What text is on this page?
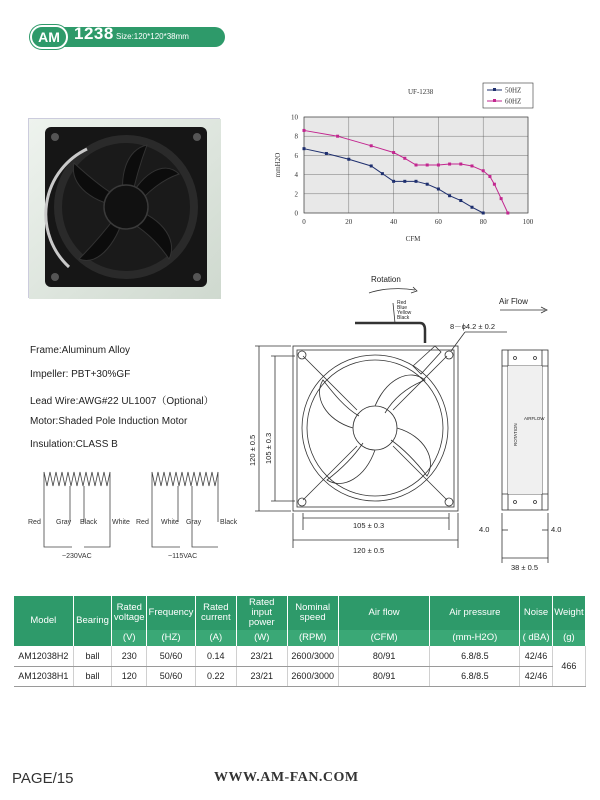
AM 1238 Size:120*120*38mm
UF-1238
0
2
4
6
8
10
0	20	40	60	80	100
mmH2O
CFM
50HZ
60HZ
Frame:Aluminum Alloy
Impeller: PBT+30%GF
Lead Wire:AWG#22 UL1007（Optional）
Motor:Shaded Pole Induction Motor
Insulation:CLASS B
Red Gray Black White
~230VAC
Red White Gray	Black
~115VAC
Rotation
Air Flow
Red
Blue
Yellow
Black
8－ϕ4.2 ± 0.2
120 ± 0.5 105 ± 0.3
105 ± 0.3
120 ± 0.5
4.0	4.0
38 ± 0.5
ROTATION
AIRFLOW
Model	Bearing	Rated voltage	Frequency	Rated current	Rated input power	Nominal speed	Air flow	Air pressure	Noise	Weight
		(V)	(HZ)	(A)	(W)	(RPM)	(CFM)	(mm-H2O)	( dBA)	(g)
AM12038H2	ball	230	50/60	0.14	23/21	2600/3000	80/91	6.8/8.5	42/46	466
AM12038H1	ball	120	50/60	0.22	23/21	2600/3000	80/91	6.8/8.5	42/46	
PAGE/15	WWW.AM-FAN.COM
